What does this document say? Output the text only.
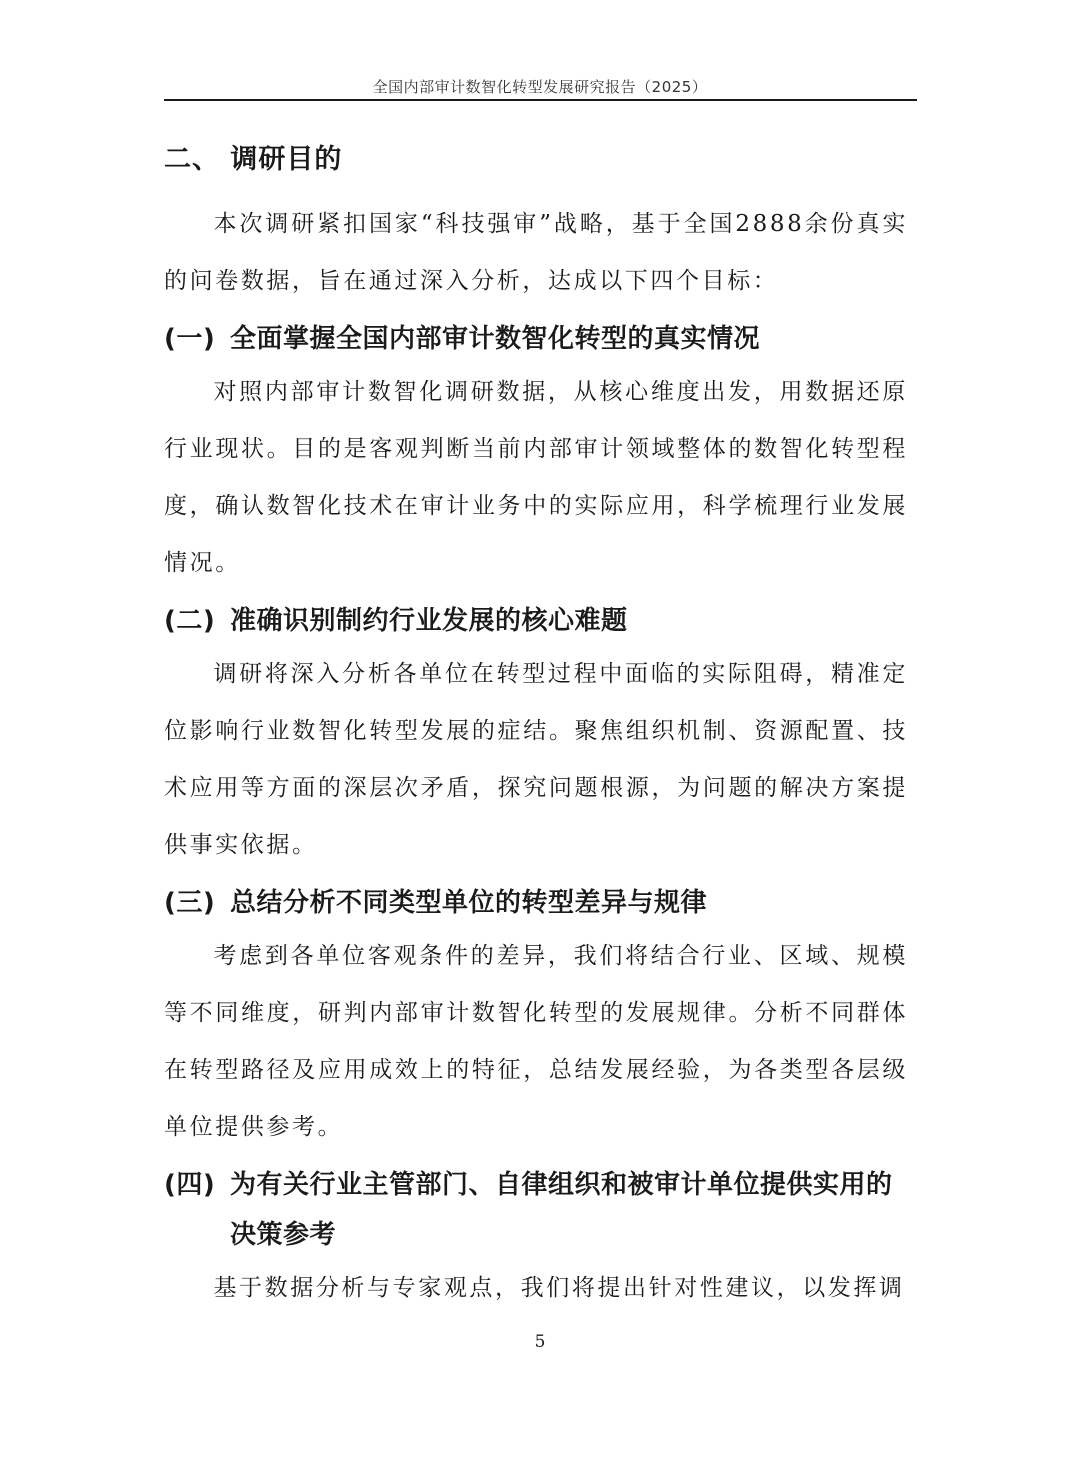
全国内部审计数智化转型发展研究报告（2025）
二、 调研目的

本次调研紧扣国家“科技强审”战略，基于全国2888余份真实的问卷数据，旨在通过深入分析，达成以下四个目标：

(一) 全面掌握全国内部审计数智化转型的真实情况

对照内部审计数智化调研数据，从核心维度出发，用数据还原行业现状。目的是客观判断当前内部审计领域整体的数智化转型程度，确认数智化技术在审计业务中的实际应用，科学梳理行业发展情况。

(二) 准确识别制约行业发展的核心难题

调研将深入分析各单位在转型过程中面临的实际阻碍，精准定位影响行业数智化转型发展的症结。聚焦组织机制、资源配置、技术应用等方面的深层次矛盾，探究问题根源，为问题的解决方案提供事实依据。

(三) 总结分析不同类型单位的转型差异与规律

考虑到各单位客观条件的差异，我们将结合行业、区域、规模等不同维度，研判内部审计数智化转型的发展规律。分析不同群体在转型路径及应用成效上的特征，总结发展经验，为各类型各层级单位提供参考。

(四) 为有关行业主管部门、自律组织和被审计单位提供实用的决策参考

基于数据分析与专家观点，我们将提出针对性建议，以发挥调

5
